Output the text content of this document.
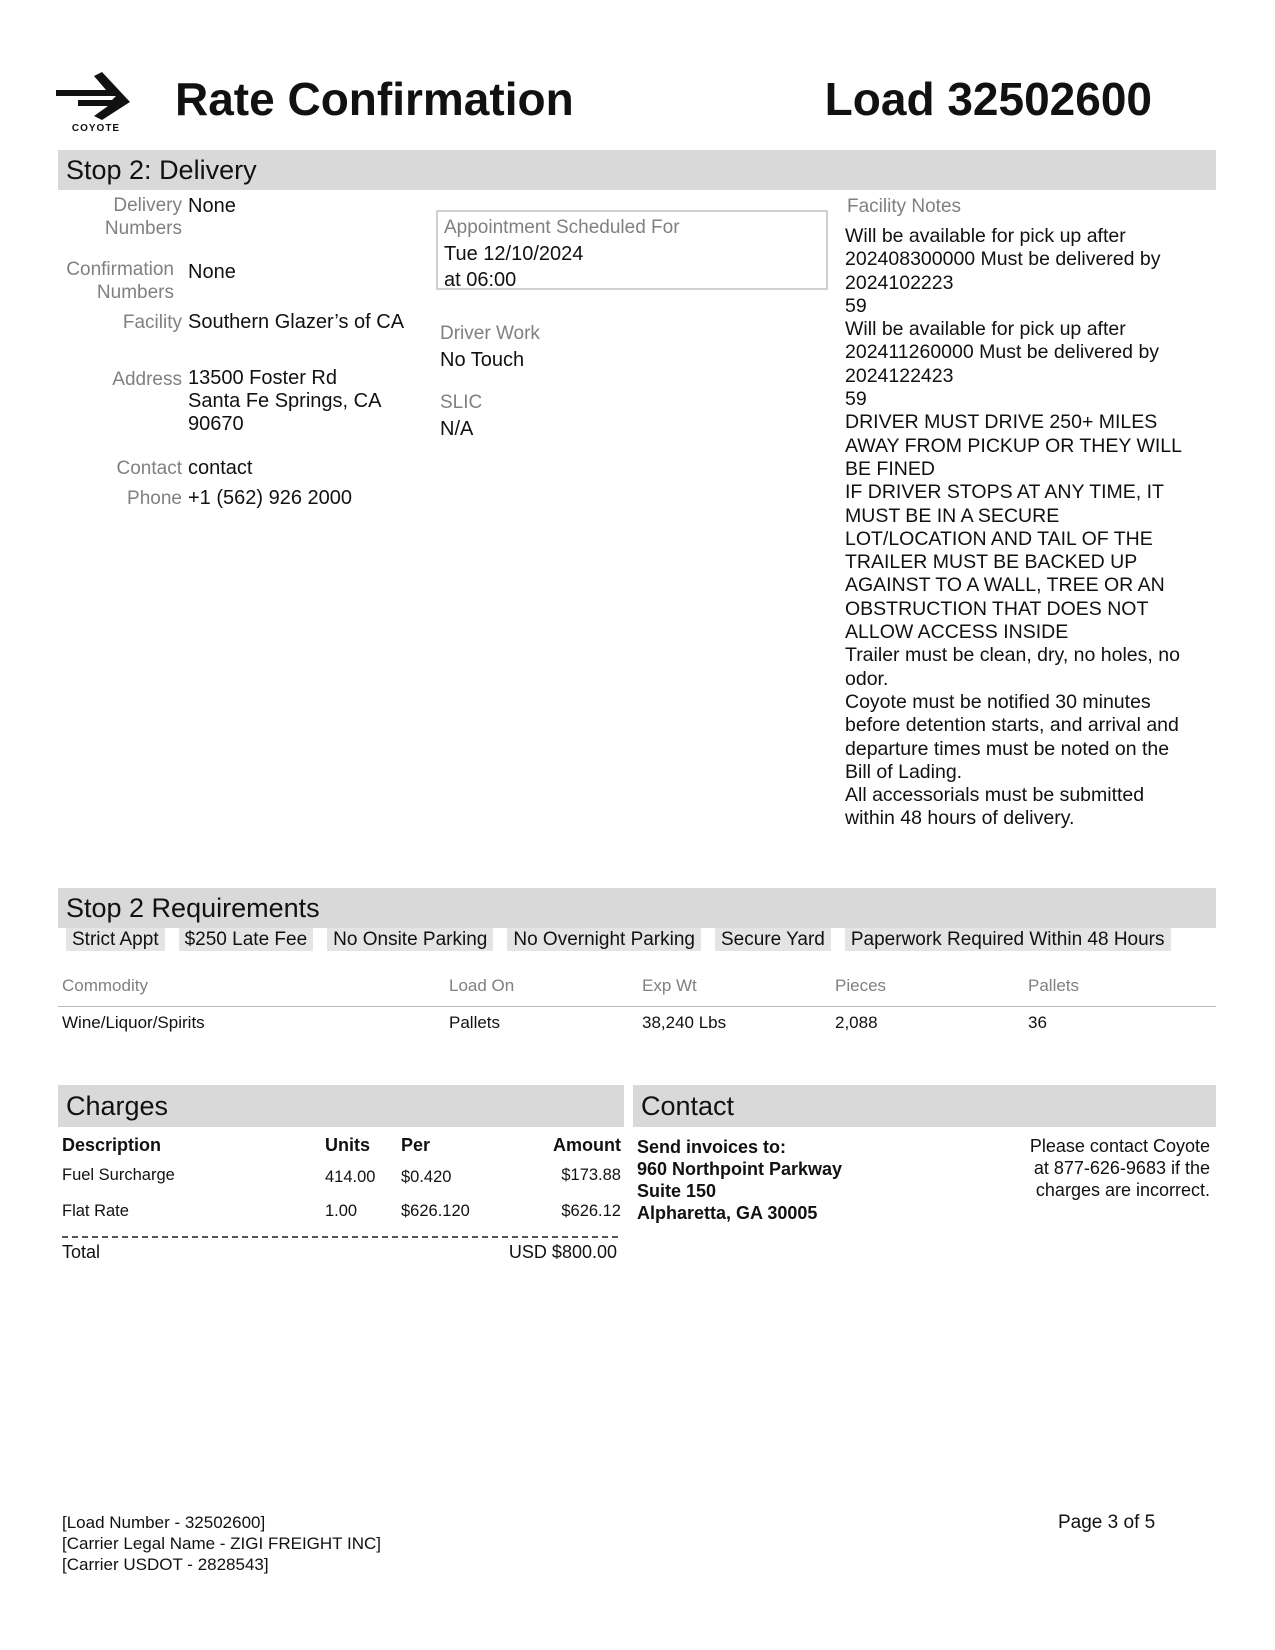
COYOTE
Rate Confirmation	Load 32502600
Stop 2: Delivery
Delivery Numbers
None
Confirmation Numbers
None
Facility Southern Glazer’s of CA
Address 13500 Foster Rd
Santa Fe Springs, CA
90670
Contact contact
Phone +1 (562) 926 2000
Appointment Scheduled For
Tue 12/10/2024
at 06:00
Driver Work
No Touch
SLIC
N/A
Facility Notes
Will be available for pick up after
202408300000 Must be delivered by
2024102223
59
Will be available for pick up after
202411260000 Must be delivered by
2024122423
59
DRIVER MUST DRIVE 250+ MILES
AWAY FROM PICKUP OR THEY WILL
BE FINED
IF DRIVER STOPS AT ANY TIME, IT
MUST BE IN A SECURE
LOT/LOCATION AND TAIL OF THE
TRAILER MUST BE BACKED UP
AGAINST TO A WALL, TREE OR AN
OBSTRUCTION THAT DOES NOT
ALLOW ACCESS INSIDE
Trailer must be clean, dry, no holes, no
odor.
Coyote must be notified 30 minutes
before detention starts, and arrival and
departure times must be noted on the
Bill of Lading.
All accessorials must be submitted
within 48 hours of delivery.
Stop 2 Requirements
Strict Appt	$250 Late Fee	No Onsite Parking	No Overnight Parking	Secure Yard	Paperwork Required Within 48 Hours
Commodity	Load On	Exp Wt	Pieces	Pallets
Wine/Liquor/Spirits	Pallets	38,240 Lbs	2,088	36
Charges
Description	Units Per	Amount
Fuel Surcharge	414.00 $0.420	$173.88
Flat Rate	1.00	$626.120	$626.12
Total	USD $800.00
Contact
Send invoices to:
960 Northpoint Parkway
Suite 150
Alpharetta, GA 30005
Please contact Coyote
at 877-626-9683 if the
charges are incorrect.
[Load Number - 32502600]
[Carrier Legal Name - ZIGI FREIGHT INC]
[Carrier USDOT - 2828543]
Page 3 of 5
